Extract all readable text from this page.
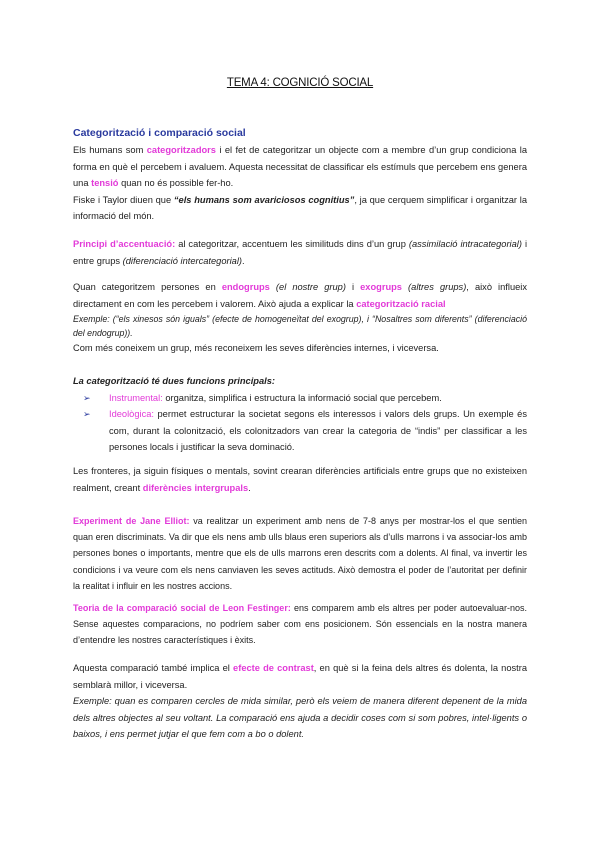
TEMA 4: COGNICIÓ SOCIAL
Categorització i comparació social
Els humans som categoritzadors i el fet de categoritzar un objecte com a membre d’un grup condiciona la forma en què el percebem i avaluem. Aquesta necessitat de classificar els estímuls que percebem ens genera una tensió quan no és possible fer-ho.
Fiske i Taylor diuen que “els humans som avariciosos cognitius”, ja que cerquem simplificar i organitzar la informació del món.
Principi d’accentuació: al categoritzar, accentuem les similituds dins d’un grup (assimilació intracategorial) i entre grups (diferenciació intercategorial).
Quan categoritzem persones en endogrups (el nostre grup) i exogrups (altres grups), això influeix directament en com les percebem i valorem. Això ajuda a explicar la categorització racial
Exemple: (“els xinesos són iguals” (efecte de homogeneïtat del exogrup), i “Nosaltres som diferents” (diferenciació del endogrup)).
Com més coneixem un grup, més reconeixem les seves diferències internes, i viceversa.
La categorització té dues funcions principals:
➢ Instrumental: organitza, simplifica i estructura la informació social que percebem.
➢ Ideològica: permet estructurar la societat segons els interessos i valors dels grups. Un exemple és com, durant la colonització, els colonitzadors van crear la categoria de “indis” per classificar a les persones locals i justificar la seva dominació.
Les fronteres, ja siguin físiques o mentals, sovint crearan diferències artificials entre grups que no existeixen realment, creant diferències intergrupals.
Experiment de Jane Elliot: va realitzar un experiment amb nens de 7-8 anys per mostrar-los el que sentien quan eren discriminats. Va dir que els nens amb ulls blaus eren superiors als d’ulls marrons i va associar-los amb persones bones o importants, mentre que els de ulls marrons eren descrits com a dolents. Al final, va invertir les condicions i va veure com els nens canviaven les seves actituds. Això demostra el poder de l’autoritat per definir la realitat i influir en les nostres accions.
Teoria de la comparació social de Leon Festinger: ens comparem amb els altres per poder autoevaluar-nos. Sense aquestes comparacions, no podríem saber com ens posicionem. Són essencials en la nostra manera d’entendre les nostres característiques i èxits.
Aquesta comparació també implica el efecte de contrast, en què si la feina dels altres és dolenta, la nostra semblarà millor, i viceversa.
Exemple: quan es comparen cercles de mida similar, però els veiem de manera diferent depenent de la mida dels altres objectes al seu voltant. La comparació ens ajuda a decidir coses com si som pobres, intel·ligents o baixos, i ens permet jutjar el que fem com a bo o dolent.
